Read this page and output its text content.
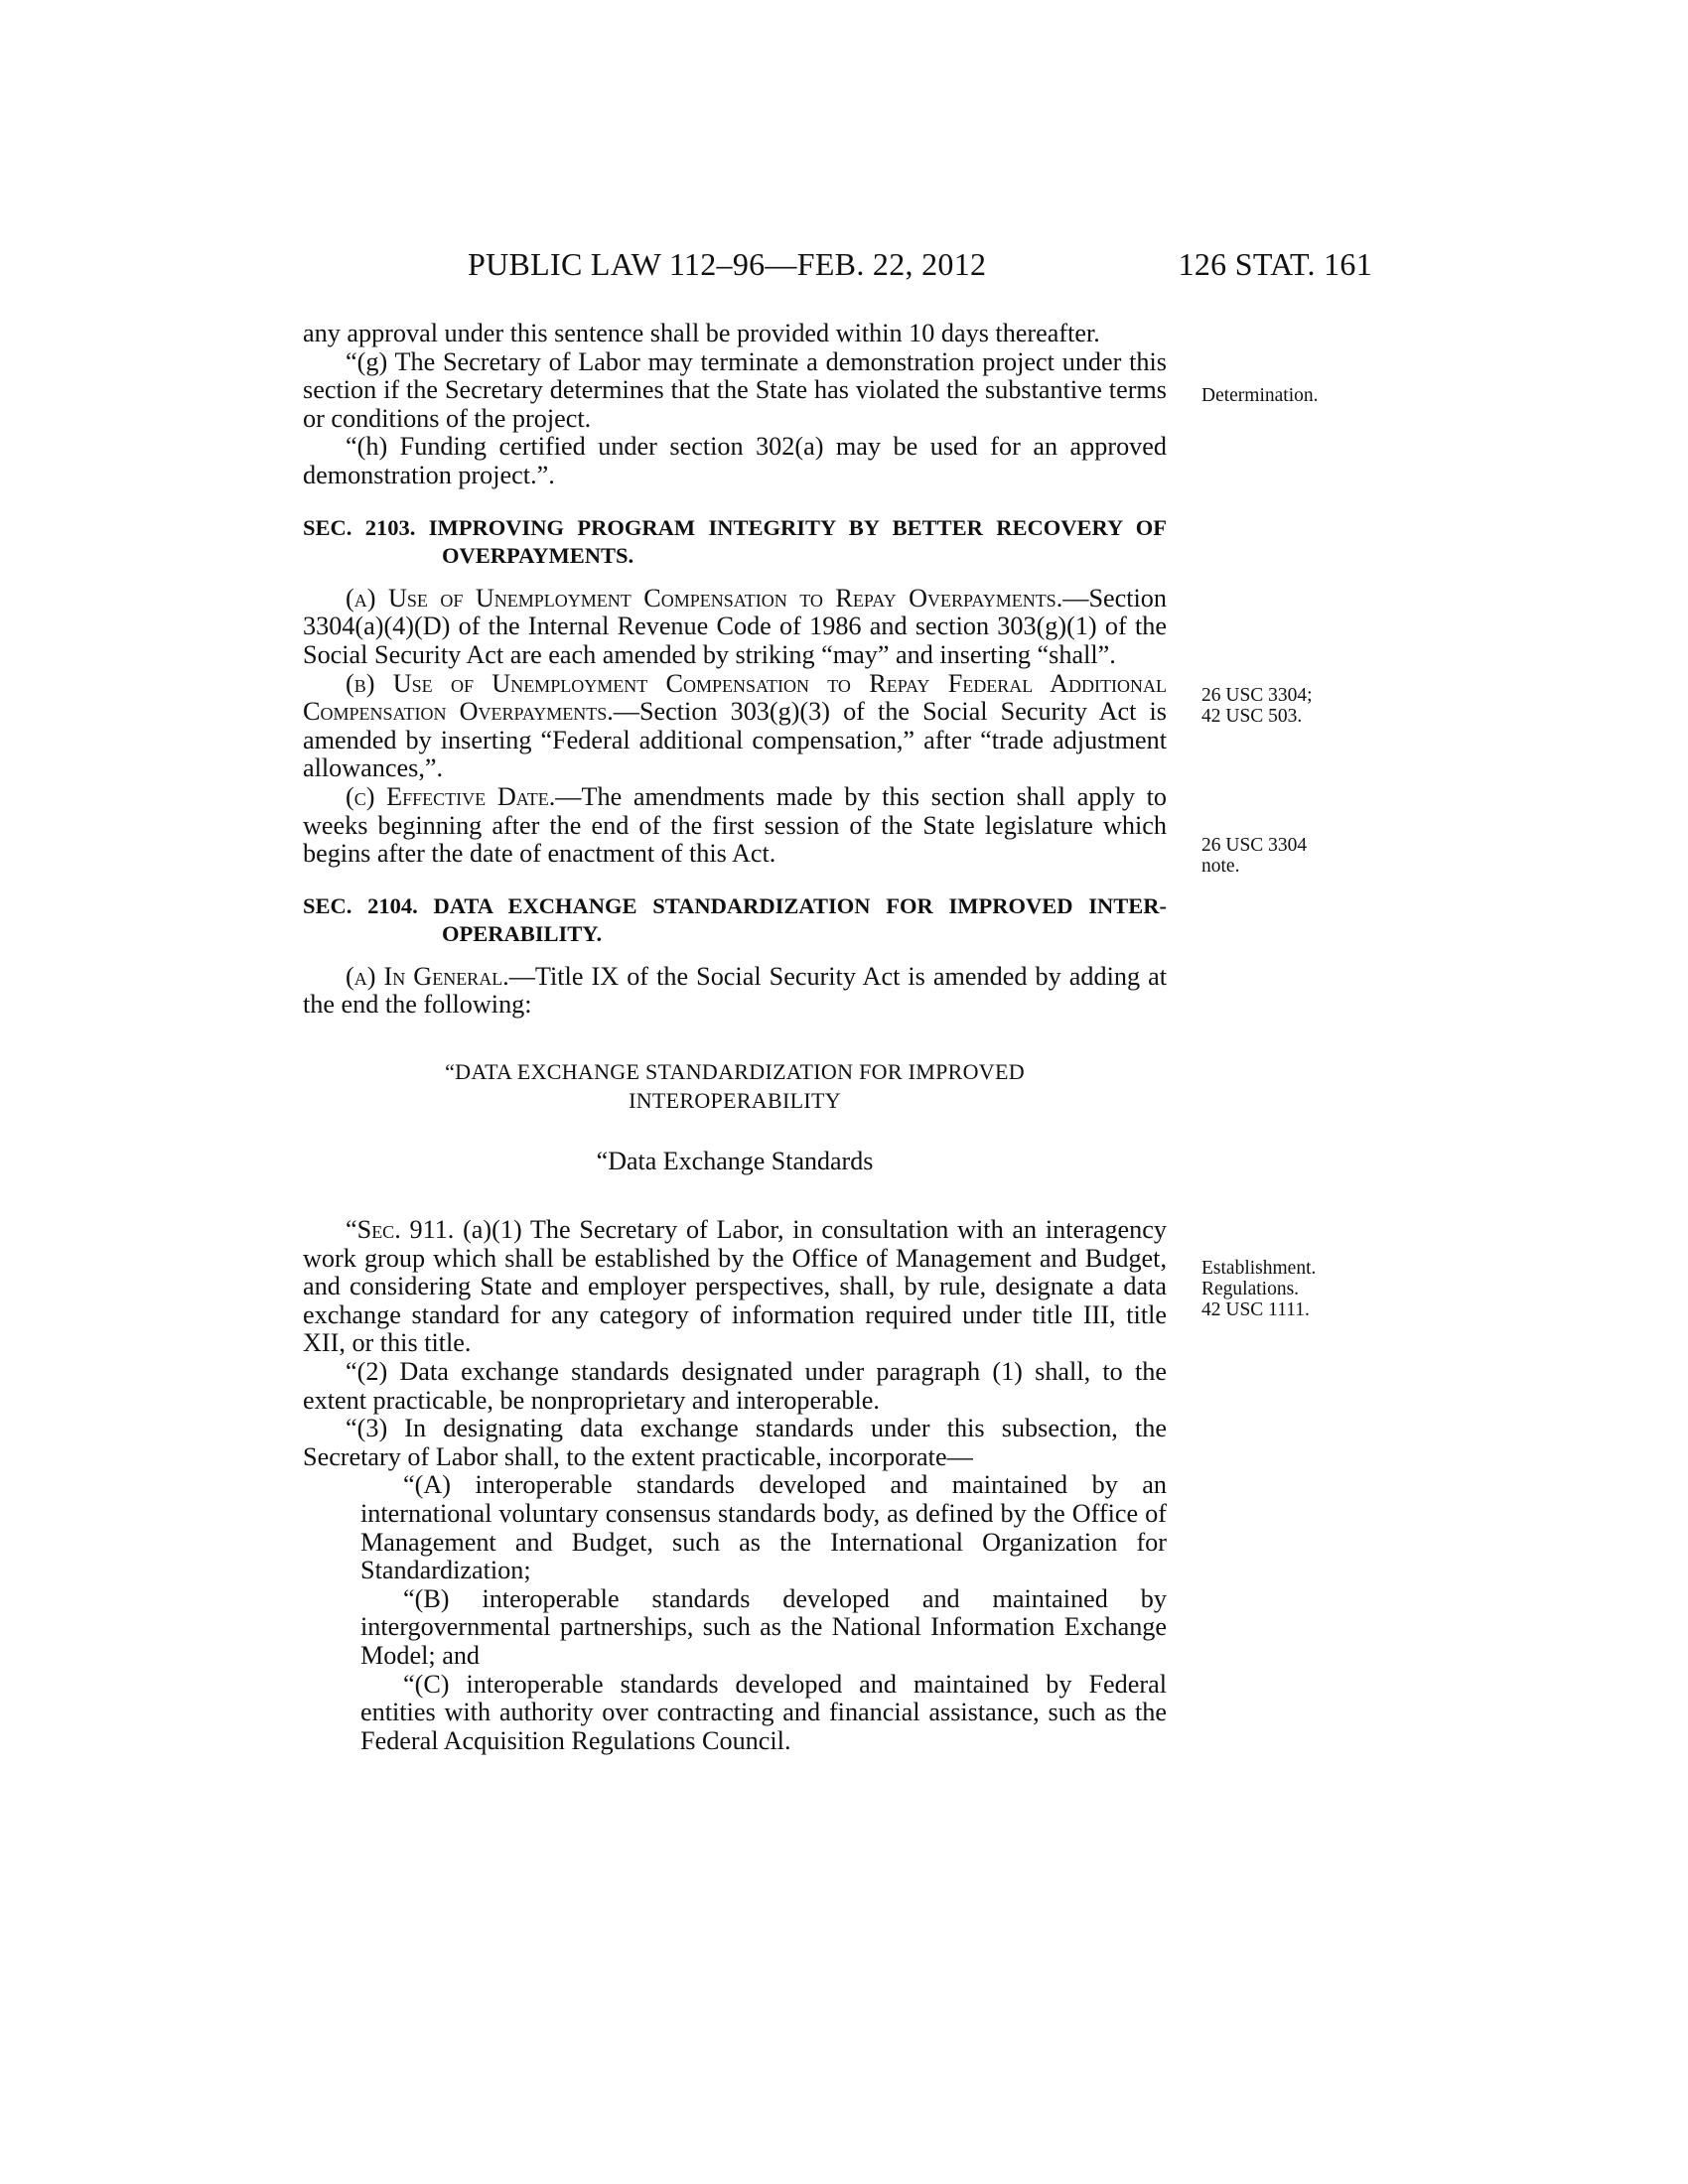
PUBLIC LAW 112–96—FEB. 22, 2012	126 STAT. 161
Determination.
26 USC 3304;
42 USC 503.
26 USC 3304
note.
Establishment.
Regulations.
42 USC 1111.

any approval under this sentence shall be provided within 10 days thereafter.

“(g) The Secretary of Labor may terminate a demonstration project under this section if the Secretary determines that the State has violated the substantive terms or conditions of the project.

“(h) Funding certified under section 302(a) may be used for an approved demonstration project.”.

SEC. 2103. IMPROVING PROGRAM INTEGRITY BY BETTER RECOVERY OF OVERPAYMENTS.

(a) Use of Unemployment Compensation to Repay Overpayments.—Section 3304(a)(4)(D) of the Internal Revenue Code of 1986 and section 303(g)(1) of the Social Security Act are each amended by striking “may” and inserting “shall”.

(b) Use of Unemployment Compensation to Repay Federal Additional Compensation Overpayments.—Section 303(g)(3) of the Social Security Act is amended by inserting “Federal additional compensation,” after “trade adjustment allowances,”.

(c) Effective Date.—The amendments made by this section shall apply to weeks beginning after the end of the first session of the State legislature which begins after the date of enactment of this Act.

SEC. 2104. DATA EXCHANGE STANDARDIZATION FOR IMPROVED INTER-OPERABILITY.

(a) In General.—Title IX of the Social Security Act is amended by adding at the end the following:

“DATA EXCHANGE STANDARDIZATION FOR IMPROVED
INTEROPERABILITY
“Data Exchange Standards

“Sec. 911. (a)(1) The Secretary of Labor, in consultation with an interagency work group which shall be established by the Office of Management and Budget, and considering State and employer perspectives, shall, by rule, designate a data exchange standard for any category of information required under title III, title XII, or this title.

“(2) Data exchange standards designated under paragraph (1) shall, to the extent practicable, be nonproprietary and interoperable.

“(3) In designating data exchange standards under this subsection, the Secretary of Labor shall, to the extent practicable, incorporate—

“(A) interoperable standards developed and maintained by an international voluntary consensus standards body, as defined by the Office of Management and Budget, such as the International Organization for Standardization;

“(B) interoperable standards developed and maintained by intergovernmental partnerships, such as the National Information Exchange Model; and

“(C) interoperable standards developed and maintained by Federal entities with authority over contracting and financial assistance, such as the Federal Acquisition Regulations Council.
